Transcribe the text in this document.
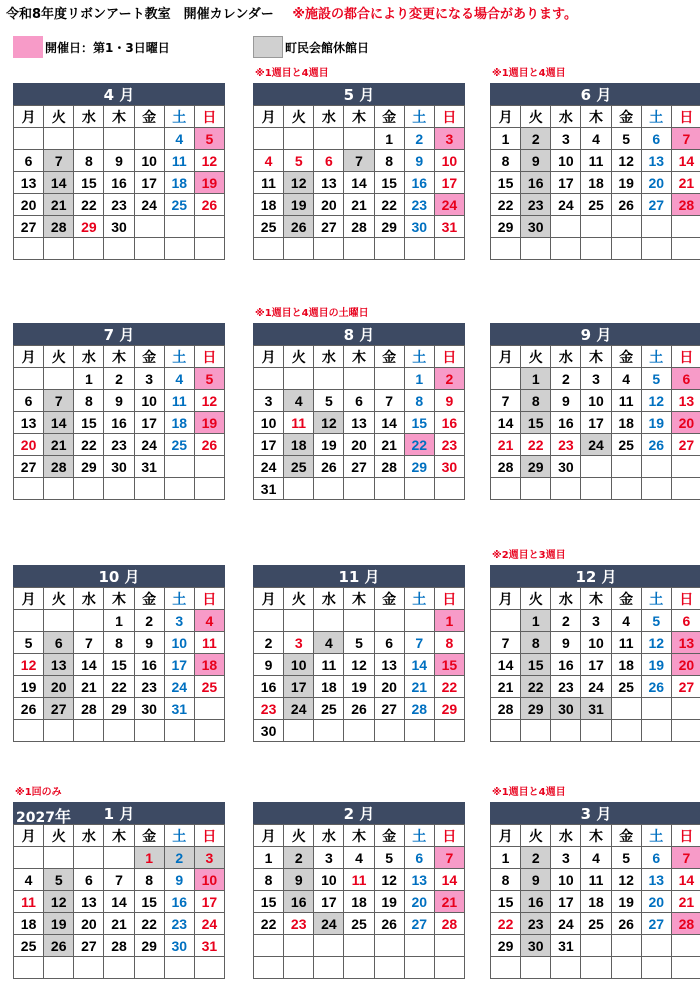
令和8年度リボンアート教室　開催カレンダー ※施設の都合により変更になる場合があります。
開催日：第1・3日曜日	町民会館休館日
4 月
月	火	水	木	金	土	日
					4	5
6	7	8	9	10	11	12
13	14	15	16	17	18	19
20	21	22	23	24	25	26
27	28	29	30			

※1週目と4週目
5 月
月	火	水	木	金	土	日
				1	2	3
4	5	6	7	8	9	10
11	12	13	14	15	16	17
18	19	20	21	22	23	24
25	26	27	28	29	30	31

※1週目と4週目
6 月
月	火	水	木	金	土	日
1	2	3	4	5	6	7
8	9	10	11	12	13	14
15	16	17	18	19	20	21
22	23	24	25	26	27	28
29	30					

7 月
月	火	水	木	金	土	日
		1	2	3	4	5
6	7	8	9	10	11	12
13	14	15	16	17	18	19
20	21	22	23	24	25	26
27	28	29	30	31		

※1週目と4週目の土曜日
8 月
月	火	水	木	金	土	日
					1	2
3	4	5	6	7	8	9
10	11	12	13	14	15	16
17	18	19	20	21	22	23
24	25	26	27	28	29	30
31						
9 月
月	火	水	木	金	土	日
	1	2	3	4	5	6
7	8	9	10	11	12	13
14	15	16	17	18	19	20
21	22	23	24	25	26	27
28	29	30				

10 月
月	火	水	木	金	土	日
			1	2	3	4
5	6	7	8	9	10	11
12	13	14	15	16	17	18
19	20	21	22	23	24	25
26	27	28	29	30	31	

11 月
月	火	水	木	金	土	日
						1
2	3	4	5	6	7	8
9	10	11	12	13	14	15
16	17	18	19	20	21	22
23	24	25	26	27	28	29
30						
※2週目と3週目
12 月
月	火	水	木	金	土	日
	1	2	3	4	5	6
7	8	9	10	11	12	13
14	15	16	17	18	19	20
21	22	23	24	25	26	27
28	29	30	31			

※1回のみ
2027年 1 月
月	火	水	木	金	土	日
				1	2	3
4	5	6	7	8	9	10
11	12	13	14	15	16	17
18	19	20	21	22	23	24
25	26	27	28	29	30	31

2 月
月	火	水	木	金	土	日
1	2	3	4	5	6	7
8	9	10	11	12	13	14
15	16	17	18	19	20	21
22	23	24	25	26	27	28

※1週目と4週目
3 月
月	火	水	木	金	土	日
1	2	3	4	5	6	7
8	9	10	11	12	13	14
15	16	17	18	19	20	21
22	23	24	25	26	27	28
29	30	31				
